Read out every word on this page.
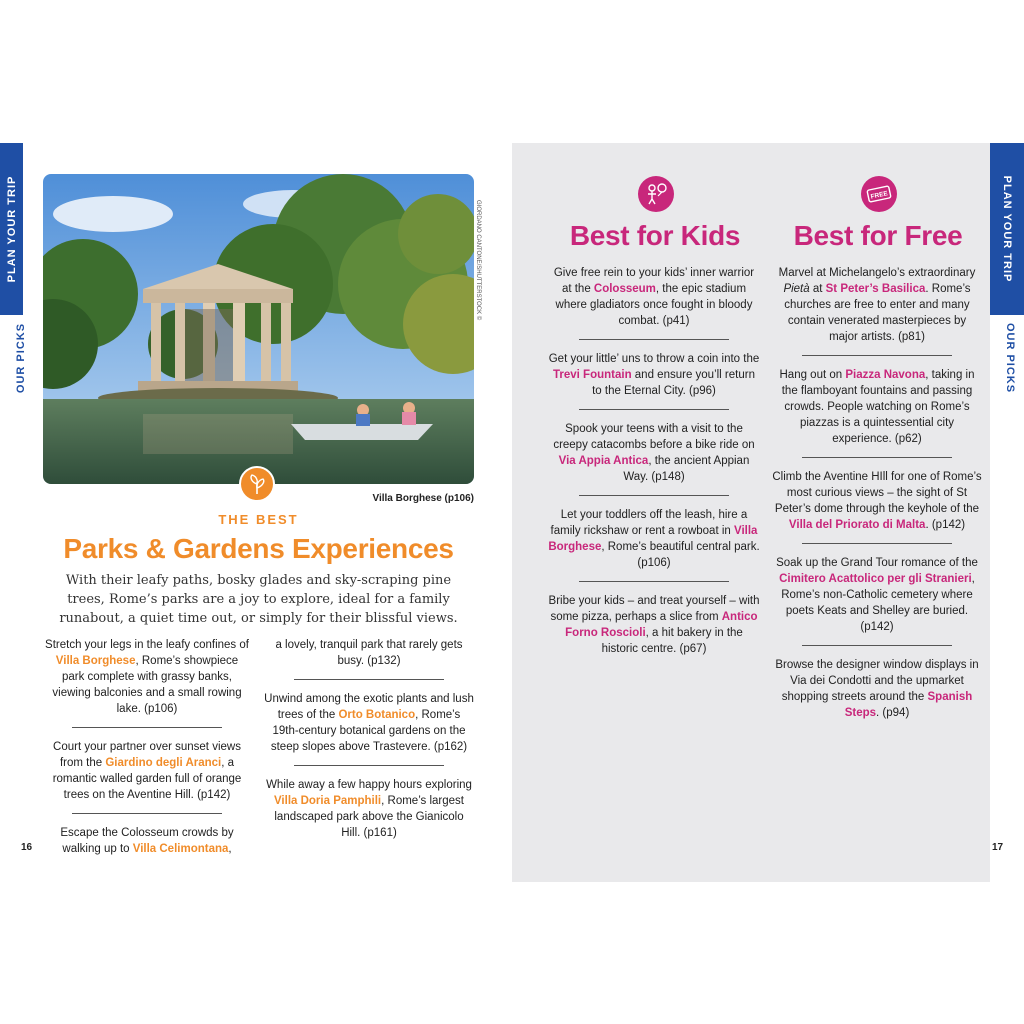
PLAN YOUR TRIP
OUR PICKS
GIORDANO CANTONE/SHUTTERSTOCK ©
Villa Borghese (p106)
THE BEST
Parks & Gardens Experiences
With their leafy paths, bosky glades and sky-scraping pine trees, Rome’s parks are a joy to explore, ideal for a family runabout, a quiet time out, or simply for their blissful views.

Stretch your legs in the leafy confines of Villa Borghese, Rome’s showpiece park complete with grassy banks, viewing balconies and a small rowing lake. (p106)

Court your partner over sunset views from the Giardino degli Aranci, a romantic walled garden full of orange trees on the Aventine Hill. (p142)

Escape the Colosseum crowds by walking up to Villa Celimontana,

a lovely, tranquil park that rarely gets busy. (p132)

Unwind among the exotic plants and lush trees of the Orto Botanico, Rome’s 19th-century botanical gardens on the steep slopes above Trastevere. (p162)

While away a few happy hours exploring Villa Doria Pamphili, Rome’s largest landscaped park above the Gianicolo Hill. (p161)

16
PLAN YOUR TRIP
OUR PICKS
FREE
Best for Kids	Best for Free

Give free rein to your kids’ inner warrior at the Colosseum, the epic stadium where gladiators once fought in bloody combat. (p41)

Get your little’ uns to throw a coin into the Trevi Fountain and ensure you’ll return to the Eternal City. (p96)

Spook your teens with a visit to the creepy catacombs before a bike ride on Via Appia Antica, the ancient Appian Way. (p148)

Let your toddlers off the leash, hire a family rickshaw or rent a rowboat in Villa Borghese, Rome’s beautiful central park. (p106)

Bribe your kids – and treat yourself – with some pizza, perhaps a slice from Antico Forno Roscioli, a hit bakery in the historic centre. (p67)

Marvel at Michelangelo’s extraordinary Pietà at St Peter’s Basilica. Rome’s churches are free to enter and many contain venerated masterpieces by major artists. (p81)

Hang out on Piazza Navona, taking in the flamboyant fountains and passing crowds. People watching on Rome’s piazzas is a quintessential city experience. (p62)

Climb the Aventine HIll for one of Rome’s most curious views – the sight of St Peter’s dome through the keyhole of the Villa del Priorato di Malta. (p142)

Soak up the Grand Tour romance of the Cimitero Acattolico per gli Stranieri, Rome’s non-Catholic cemetery where poets Keats and Shelley are buried. (p142)

Browse the designer window displays in Via dei Condotti and the upmarket shopping streets around the Spanish Steps. (p94)

17
